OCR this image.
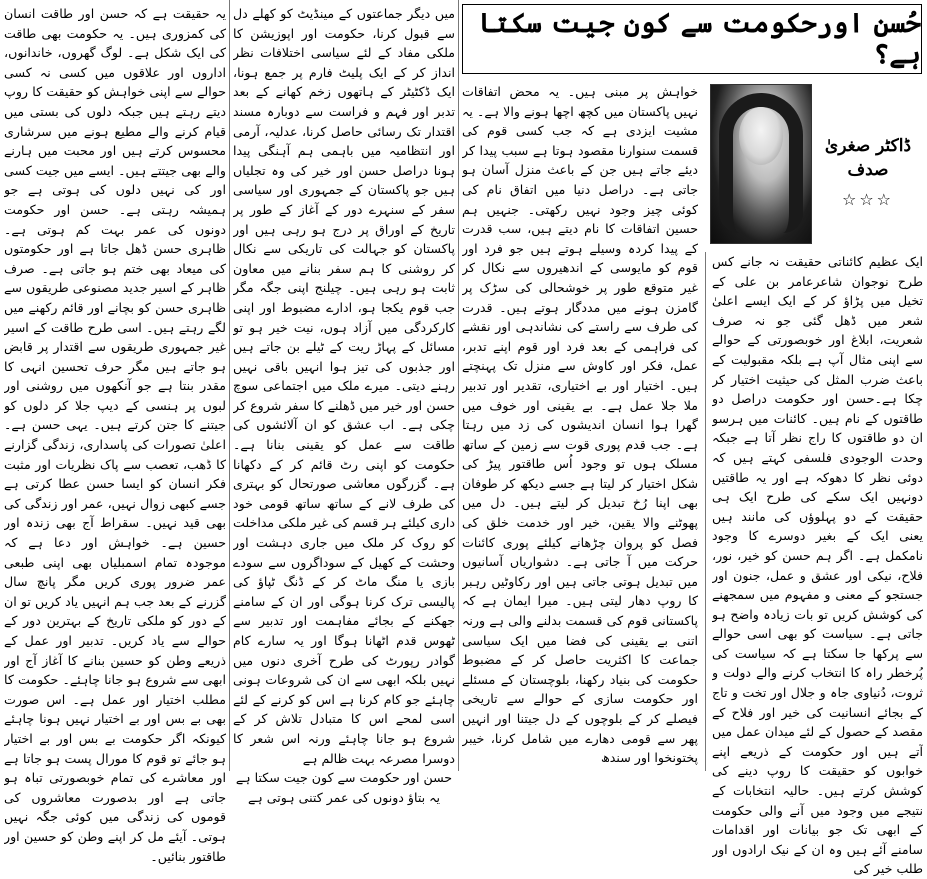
حُسن اورحکومت سے کون جیت سکتا ہے؟
ڈاکٹر صغریٰ صدف
☆☆☆

ایک عظیم کائناتی حقیقت نہ جانے کس طرح نوجوان شاعرعامر بن علی کے تخیل میں پڑاؤ کر کے ایک ایسے اعلیٰ شعر میں ڈھل گئی جو نہ صرف شعریت، ابلاغ اور خوبصورتی کے حوالے سے اپنی مثال آپ ہے بلکہ مقبولیت کے باعث ضرب المثل کی حیثیت اختیار کر چکا ہے۔حسن اور حکومت دراصل دو طاقتوں کے نام ہیں۔ کائنات میں ہرسو ان دو طاقتوں کا راج نظر آتا ہے جبکہ وحدت الوجودی فلسفی کہتے ہیں کہ دوئی نظر کا دھوکہ ہے اور یہ طاقتیں دونہیں ایک سکے کی طرح ایک ہی حقیقت کے دو پہلوؤں کی مانند ہیں یعنی ایک کے بغیر دوسرے کا وجود نامکمل ہے۔ اگر ہم حسن کو خیر، نور، فلاح، نیکی اور عشق و عمل، جنون اور جستجو کے معنی و مفہوم میں سمجھنے کی کوشش کریں تو بات زیادہ واضح ہو جاتی ہے۔ سیاست کو بھی اسی حوالے سے پرکھا جا سکتا ہے کہ سیاست کی پُرخطر راہ کا انتخاب کرنے والے دولت و ثروت، دُنیاوی جاہ و جلال اور تخت و تاج کے بجائے انسانیت کی خیر اور فلاح کے مقصد کے حصول کے لئے میدان عمل میں آتے ہیں اور حکومت کے ذریعے اپنے خوابوں کو حقیقت کا روپ دینے کی کوشش کرتے ہیں۔ حالیہ انتخابات کے نتیجے میں وجود میں آنے والی حکومت کے ابھی تک جو بیانات اور اقدامات سامنے آئے ہیں وہ ان کے نیک ارادوں اور طلب خیر کی

خواہش پر مبنی ہیں۔ یہ محض اتفاقات نہیں پاکستان میں کچھ اچھا ہونے والا ہے۔ یہ مشیت ایزدی ہے کہ جب کسی قوم کی قسمت سنوارنا مقصود ہوتا ہے سبب پیدا کر دیئے جاتے ہیں جن کے باعث منزل آسان ہو جاتی ہے۔ دراصل دنیا میں اتفاق نام کی کوئی چیز وجود نہیں رکھتی۔ جنہیں ہم حسین اتفاقات کا نام دیتے ہیں، سب قدرت کے پیدا کردہ وسیلے ہوتے ہیں جو فرد اور قوم کو مایوسی کے اندھیروں سے نکال کر غیر متوقع طور پر خوشحالی کی سڑک پر گامزن ہونے میں مددگار ہوتے ہیں۔ قدرت کی طرف سے راستے کی نشاندہی اور نقشے کی فراہمی کے بعد فرد اور قوم اپنے تدبر، عمل، فکر اور کاوش سے منزل تک پہنچتے ہیں۔ اختیار اور بے اختیاری، تقدیر اور تدبیر ملا جلا عمل ہے۔ بے یقینی اور خوف میں گھرا ہوا انسان اندیشوں کی زد میں رہتا ہے۔ جب قدم پوری قوت سے زمین کے ساتھ مسلک ہوں تو وجود اُس طاقتور پیڑ کی شکل اختیار کر لیتا ہے جسے دیکھ کر طوفان بھی اپنا رُخ تبدیل کر لیتے ہیں۔ دل میں پھوٹنے والا یقین، خیر اور خدمت خلق کی فصل کو پروان چڑھانے کیلئے پوری کائنات حرکت میں آ جاتی ہے۔ دشواریاں آسانیوں میں تبدیل ہوتی جاتی ہیں اور رکاوٹیں رہبر کا روپ دھار لیتی ہیں۔ میرا ایمان ہے کہ پاکستانی قوم کی قسمت بدلنے والی ہے ورنہ اتنی بے یقینی کی فضا میں ایک سیاسی جماعت کا اکثریت حاصل کر کے مضبوط حکومت کی بنیاد رکھنا، بلوچستان کے مسئلے اور حکومت سازی کے حوالے سے تاریخی فیصلے کر کے بلوچوں کے دل جیتنا اور انہیں پھر سے قومی دھارے میں شامل کرنا، خیبر پختونخوا اور سندھ

میں دیگر جماعتوں کے مینڈیٹ کو کھلے دل سے قبول کرنا، حکومت اور اپوزیشن کا ملکی مفاد کے لئے سیاسی اختلافات نظر انداز کر کے ایک پلیٹ فارم پر جمع ہونا، ایک ڈکٹیٹر کے ہاتھوں زخم کھانے کے بعد تدبر اور فہم و فراست سے دوبارہ مسند اقتدار تک رسائی حاصل کرنا، عدلیہ، آرمی اور انتظامیہ میں باہمی ہم آہنگی پیدا ہونا دراصل حسن اور خیر کی وہ تجلیاں ہیں جو پاکستان کے جمہوری اور سیاسی سفر کے سنہرے دور کے آغاز کے طور پر تاریخ کے اوراق پر درج ہو رہی ہیں اور پاکستان کو جہالت کی تاریکی سے نکال کر روشنی کا ہم سفر بنانے میں معاون ثابت ہو رہی ہیں۔ چیلنج اپنی جگہ مگر جب قوم یکجا ہو، ادارے مضبوط اور اپنی کارکردگی میں آزاد ہوں، نیت خیر ہو تو مسائل کے پہاڑ ریت کے ٹیلے بن جاتے ہیں اور جذبوں کی تیز ہوا انہیں باقی نہیں رہنے دیتی۔ میرے ملک میں اجتماعی سوچ حسن اور خیر میں ڈھلنے کا سفر شروع کر چکی ہے۔ اب عشق کو ان آلائشوں کی طاقت سے عمل کو یقینی بنانا ہے۔ حکومت کو اپنی رٹ قائم کر کے دکھانا ہے۔ گزرگوں معاشی صورتحال کو بہتری کی طرف لانے کے ساتھ ساتھ قومی خود داری کیلئے ہر قسم کی غیر ملکی مداخلت کو روک کر ملک میں جاری دہشت اور وحشت کے کھیل کے سوداگروں سے سودے بازی یا منگ ماٹ کر کے ڈنگ ٹپاؤ کی پالیسی ترک کرنا ہوگی اور ان کے سامنے جھکنے کے بجائے مفاہمت اور تدبیر سے ٹھوس قدم اٹھانا ہوگا اور یہ سارے کام گوادر رپورٹ کی طرح آخری دنوں میں نہیں بلکہ ابھی سے ان کی شروعات ہونی چاہئے جو کام کرنا ہے اس کو کرنے کے لئے اسی لمحے اس کا متبادل تلاش کر کے شروع ہو جانا چاہئے ورنہ اس شعر کا دوسرا مصرعہ بہت ظالم ہے

حسن اور حکومت سے کون جیت سکتا ہے

یہ بتاؤ دونوں کی عمر کتنی ہوتی ہے

یہ حقیقت ہے کہ حسن اور طاقت انسان کی کمزوری ہیں۔ یہ حکومت بھی طاقت کی ایک شکل ہے۔ لوگ گھروں، خاندانوں، اداروں اور علاقوں میں کسی نہ کسی حوالے سے اپنی خواہش کو حقیقت کا روپ دیتے رہتے ہیں جبکہ دلوں کی بستی میں قیام کرنے والے مطیع ہونے میں سرشاری محسوس کرتے ہیں اور محبت میں ہارنے والے بھی جیتتے ہیں۔ ایسے میں جیت کسی اور کی نہیں دلوں کی ہوتی ہے جو ہمیشہ رہتی ہے۔ حسن اور حکومت دونوں کی عمر بہت کم ہوتی ہے۔ ظاہری حسن ڈھل جاتا ہے اور حکومتوں کی میعاد بھی ختم ہو جاتی ہے۔ صرف ظاہر کے اسیر جدید مصنوعی طریقوں سے ظاہری حسن کو بچانے اور قائم رکھنے میں لگے رہتے ہیں۔ اسی طرح طاقت کے اسیر غیر جمہوری طریقوں سے اقتدار پر قابض ہو جاتے ہیں مگر حرف تحسین انہی کا مقدر بنتا ہے جو آنکھوں میں روشنی اور لبوں پر ہنسی کے دیپ جلا کر دلوں کو جیتنے کا جتن کرتے ہیں۔ یہی حسن ہے۔ اعلیٰ تصورات کی پاسداری، زندگی گزارنے کا ڈھب، تعصب سے پاک نظریات اور مثبت فکر انسان کو ایسا حسن عطا کرتی ہے جسے کبھی زوال نہیں، عمر اور زندگی کی بھی قید نہیں۔ سقراط آج بھی زندہ اور حسین ہے۔ خواہش اور دعا ہے کہ موجودہ تمام اسمبلیاں بھی اپنی طبعی عمر ضرور پوری کریں مگر پانچ سال گزرنے کے بعد جب ہم انہیں یاد کریں تو ان کے دور کو ملکی تاریخ کے بہترین دور کے حوالے سے یاد کریں۔ تدبیر اور عمل کے ذریعے وطن کو حسین بنانے کا آغاز آج اور ابھی سے شروع ہو جانا چاہئے۔ حکومت کا مطلب اختیار اور عمل ہے۔ اس صورت بھی بے بس اور بے اختیار نہیں ہونا چاہئے کیونکہ اگر حکومت بے بس اور بے اختیار ہو جائے تو قوم کا مورال پست ہو جاتا ہے اور معاشرے کی تمام خوبصورتی تباہ ہو جاتی ہے اور بدصورت معاشروں کی قوموں کی زندگی میں کوئی جگہ نہیں ہوتی۔ آیئے مل کر اپنے وطن کو حسین اور طاقتور بنائیں۔
